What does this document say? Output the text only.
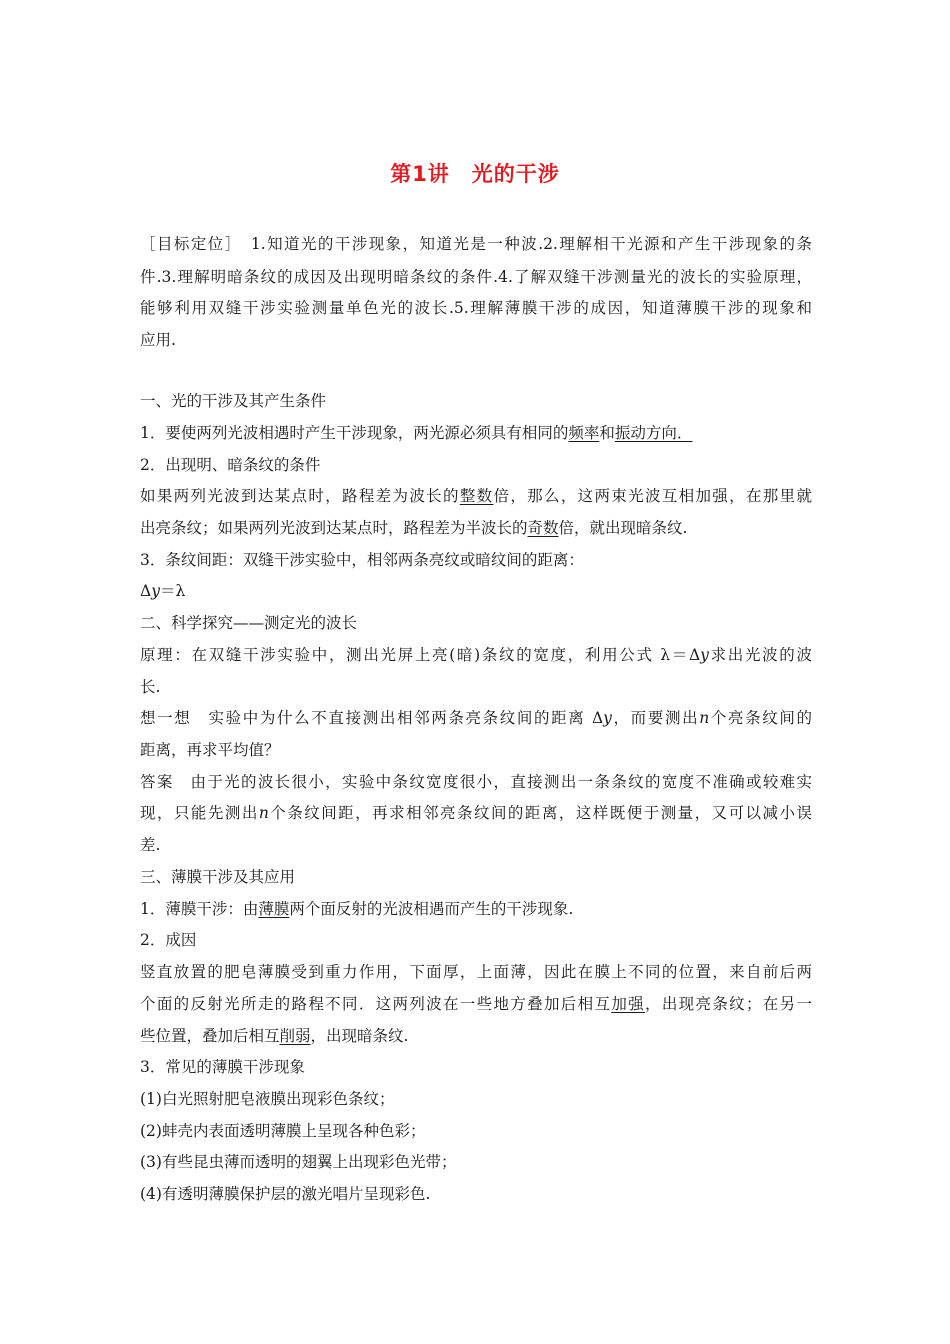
第1讲　光的干涉
［目标定位］　1.知道光的干涉现象，知道光是一种波.2.理解相干光源和产生干涉现象的条
件.3.理解明暗条纹的成因及出现明暗条纹的条件.4.了解双缝干涉测量光的波长的实验原理，
能够利用双缝干涉实验测量单色光的波长.5.理解薄膜干涉的成因，知道薄膜干涉的现象和
应用.
一、光的干涉及其产生条件
1．要使两列光波相遇时产生干涉现象，两光源必须具有相同的频率和振动方向．
2．出现明、暗条纹的条件
如果两列光波到达某点时，路程差为波长的整数倍，那么，这两束光波互相加强，在那里就
出亮条纹；如果两列光波到达某点时，路程差为半波长的奇数倍，就出现暗条纹.
3．条纹间距：双缝干涉实验中，相邻两条亮纹或暗纹间的距离：
Δy＝λ
二、科学探究——测定光的波长
原理：在双缝干涉实验中，测出光屏上亮(暗)条纹的宽度，利用公式 λ＝Δy求出光波的波
长.
想一想　实验中为什么不直接测出相邻两条亮条纹间的距离 Δy，而要测出n个亮条纹间的
距离，再求平均值？
答案　由于光的波长很小，实验中条纹宽度很小，直接测出一条条纹的宽度不准确或较难实
现，只能先测出n个条纹间距，再求相邻亮条纹间的距离，这样既便于测量，又可以减小误
差.
三、薄膜干涉及其应用
1．薄膜干涉：由薄膜两个面反射的光波相遇而产生的干涉现象.
2．成因
竖直放置的肥皂薄膜受到重力作用，下面厚，上面薄，因此在膜上不同的位置，来自前后两
个面的反射光所走的路程不同．这两列波在一些地方叠加后相互加强，出现亮条纹；在另一
些位置，叠加后相互削弱，出现暗条纹.
3．常见的薄膜干涉现象
(1)白光照射肥皂液膜出现彩色条纹；
(2)蚌壳内表面透明薄膜上呈现各种色彩；
(3)有些昆虫薄而透明的翅翼上出现彩色光带；
(4)有透明薄膜保护层的激光唱片呈现彩色.
